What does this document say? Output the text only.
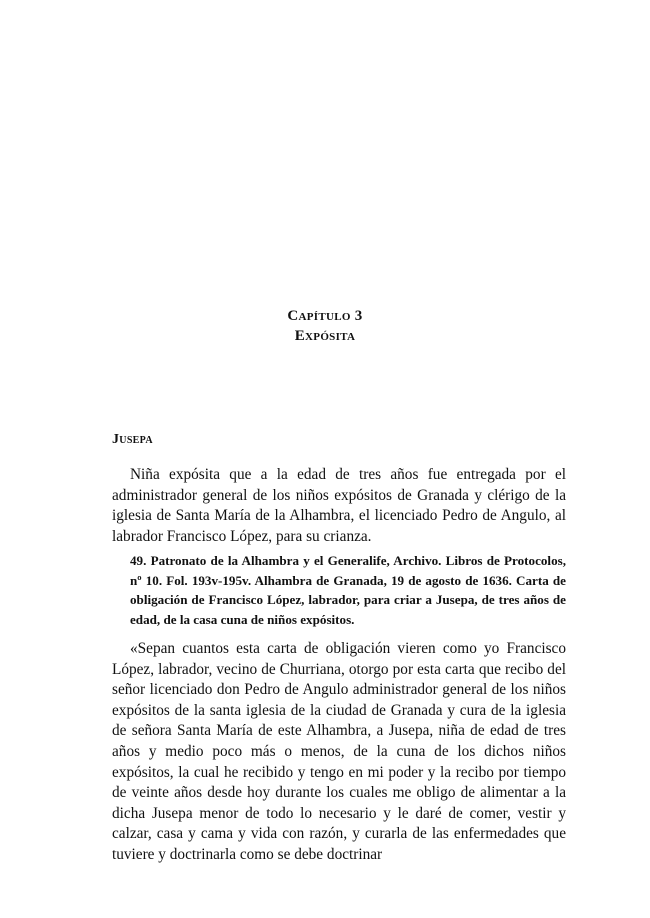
Capítulo 3
Expósita
Jusepa

Niña expósita que a la edad de tres años fue entregada por el administrador general de los niños expósitos de Granada y clérigo de la iglesia de Santa María de la Alhambra, el licenciado Pedro de Angulo, al labrador Francisco López, para su crianza.

49. Patronato de la Alhambra y el Generalife, Archivo. Libros de Protocolos, nº 10. Fol. 193v-195v. Alhambra de Granada, 19 de agosto de 1636. Carta de obligación de Francisco López, labrador, para criar a Jusepa, de tres años de edad, de la casa cuna de niños expósitos.

«Sepan cuantos esta carta de obligación vieren como yo Francisco López, labrador, vecino de Churriana, otorgo por esta carta que recibo del señor licenciado don Pedro de Angulo administrador general de los niños expósitos de la santa iglesia de la ciudad de Granada y cura de la iglesia de señora Santa María de este Alhambra, a Jusepa, niña de edad de tres años y medio poco más o menos, de la cuna de los dichos niños expósitos, la cual he recibido y tengo en mi poder y la recibo por tiempo de veinte años desde hoy durante los cuales me obligo de alimentar a la dicha Jusepa menor de todo lo necesario y le daré de comer, vestir y calzar, casa y cama y vida con razón, y curarla de las enfermedades que tuviere y doctrinarla como se debe doctrinar
